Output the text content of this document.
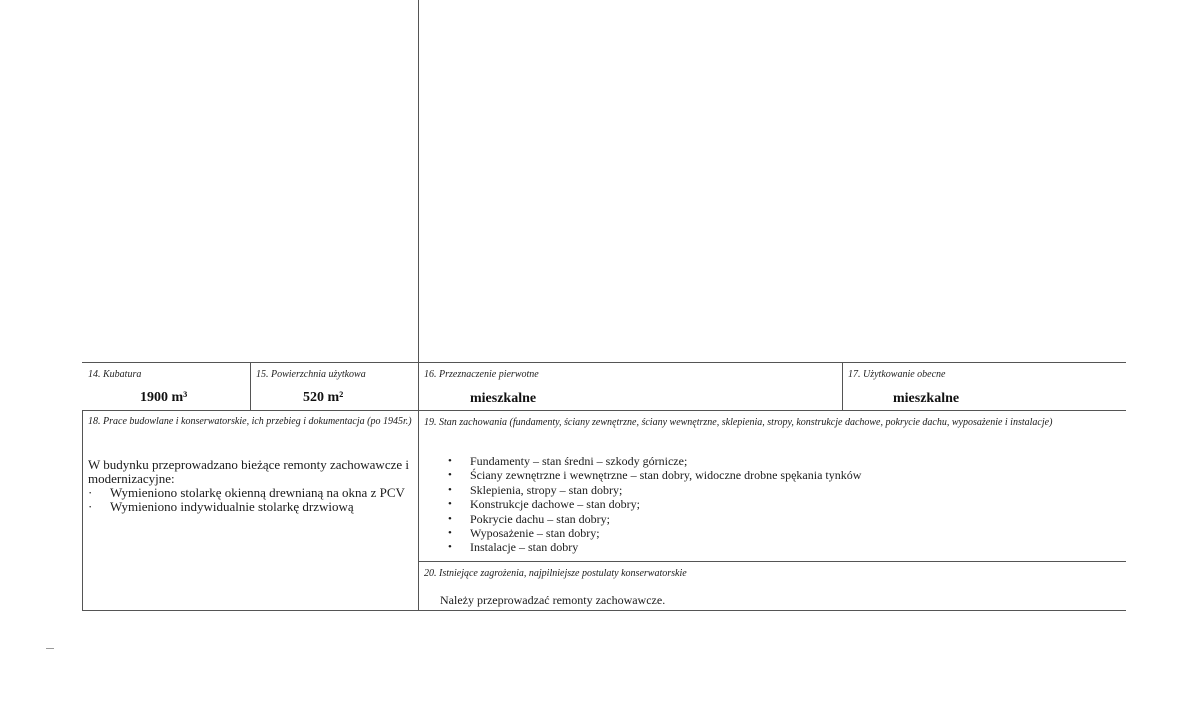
14. Kubatura
1900 m³
15. Powierzchnia użytkowa
520 m²
16. Przeznaczenie pierwotne
mieszkalne
17. Użytkowanie obecne
mieszkalne
18. Prace budowlane i konserwatorskie, ich przebieg i dokumentacja (po 1945r.)
W budynku przeprowadzano bieżące remonty zachowawcze i modernizacyjne:
· Wymieniono stolarkę okienną drewnianą na okna z PCV
· Wymieniono indywidualnie stolarkę drzwiową
19. Stan zachowania (fundamenty, ściany zewnętrzne, ściany wewnętrzne, sklepienia, stropy, konstrukcje dachowe, pokrycie dachu, wyposażenie i instalacje)
• Fundamenty – stan średni – szkody górnicze;
• Ściany zewnętrzne i wewnętrzne – stan dobry, widoczne drobne spękania tynków
• Sklepienia, stropy – stan dobry;
• Konstrukcje dachowe – stan dobry;
• Pokrycie dachu – stan dobry;
• Wyposażenie – stan dobry;
• Instalacje – stan dobry
20. Istniejące zagrożenia, najpilniejsze postulaty konserwatorskie
Należy przeprowadzać remonty zachowawcze.
